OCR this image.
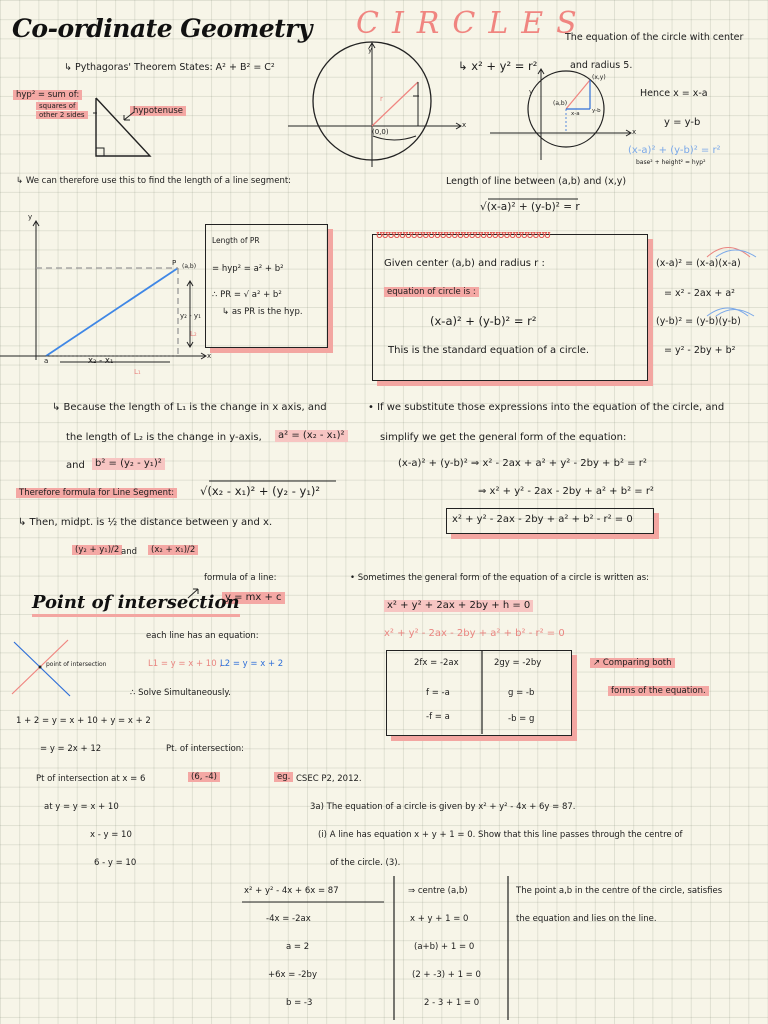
Co-ordinate Geometry CIRCLES
The equation of the circle with center
↳ Pythagoras' Theorem States: A² + B² = C²
hyp² = sum of:
squares of
other 2 sides	hypotenuse
y
x
(0,0)
r
↳ x² + y² = r²	and radius 5.
y
x
(a,b)
(x,y)
x-a y-b
Hence x = x-a
y = y-b
(x-a)² + (y-b)² = r²
base² + height² = hyp²
↳ We can therefore use this to find the length of a line segment:	Length of line between (a,b) and (x,y)
√(x-a)² + (y-b)² = r
y
x
a
P (a,b)
y₂ - y₁
L₂
x₂ - x₁
L₁
Length of PR
= hyp² = a² + b²
∴ PR = √ a² + b²
↳ as PR is the hyp.
ʊʊʊʊʊʊʊʊʊʊʊʊʊʊʊʊʊʊʊʊʊʊʊʊʊʊʊʊʊʊ
Given center (a,b) and radius r :
equation of circle is :
(x-a)² + (y-b)² = r²
This is the standard equation of a circle.
(x-a)² = (x-a)(x-a)
= x² - 2ax + a²
(y-b)² = (y-b)(y-b)
= y² - 2by + b²
↳ Because the length of L₁ is the change in x axis, and
the length of L₂ is the change in y-axis,	a² = (x₂ - x₁)²
and	b² = (y₂ - y₁)²
Therefore formula for Line Segment: √(x₂ - x₁)² + (y₂ - y₁)²
↳ Then, midpt. is ½ the distance between y and x.
(y₂ + y₁)/2 and	(x₂ + x₁)/2
• If we substitute those expressions into the equation of the circle, and
simplify we get the general form of the equation:
(x-a)² + (y-b)² ⇒ x² - 2ax + a² + y² - 2by + b² = r²
⇒ x² + y² - 2ax - 2by + a² + b² = r²
x² + y² - 2ax - 2by + a² + b² - r² = 0
formula of a line:
y = mx + c
Point of intersection
each line has an equation:
point of intersection	L1 = y = x + 10 ,
L2 = y = x + 2
∴ Solve Simultaneously.
1 + 2 = y = x + 10 + y = x + 2
= y = 2x + 12	Pt. of intersection:
Pt of intersection at x = 6	(6, -4)
at y = y = x + 10
x - y = 10
6 - y = 10
• Sometimes the general form of the equation of a circle is written as:
x² + y² + 2ax + 2by + h = 0
x² + y² - 2ax - 2by + a² + b² - r² = 0
2fx = -2ax	2gy = -2by
f = -a	g = -b
-f = a	-b = g
↗ Comparing both
forms of the equation.
eg. CSEC P2, 2012.
3a) The equation of a circle is given by x² + y² - 4x + 6y = 87.
(i) A line has equation x + y + 1 = 0. Show that this line passes through the centre of
of the circle. (3).
x² + y² - 4x + 6x = 87
-4x = -2ax
a = 2
+6x = -2by
b = -3
⇒ centre (a,b)
x + y + 1 = 0
(a+b) + 1 = 0
(2 + -3) + 1 = 0
2 - 3 + 1 = 0
The point a,b in the centre of the circle, satisfies
the equation and lies on the line.
